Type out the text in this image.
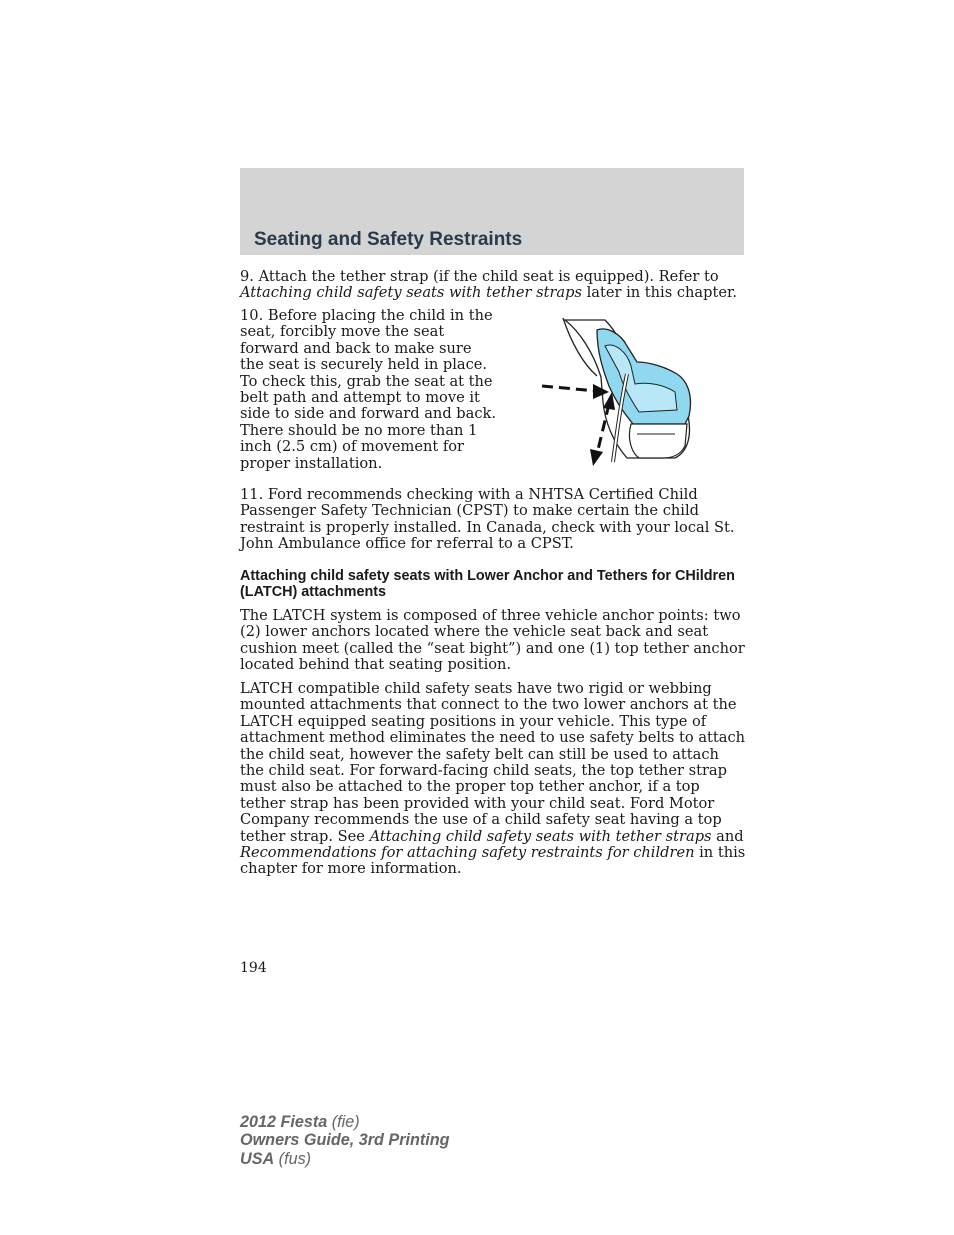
Seating and Safety Restraints

9. Attach the tether strap (if the child seat is equipped). Refer to Attaching child safety seats with tether straps later in this chapter.

10. Before placing the child in the seat, forcibly move the seat forward and back to make sure the seat is securely held in place. To check this, grab the seat at the belt path and attempt to move it side to side and forward and back. There should be no more than 1 inch (2.5 cm) of movement for proper installation.

11. Ford recommends checking with a NHTSA Certified Child Passenger Safety Technician (CPST) to make certain the child restraint is properly installed. In Canada, check with your local St. John Ambulance office for referral to a CPST.

Attaching child safety seats with Lower Anchor and Tethers for CHildren (LATCH) attachments

The LATCH system is composed of three vehicle anchor points: two (2) lower anchors located where the vehicle seat back and seat cushion meet (called the “seat bight”) and one (1) top tether anchor located behind that seating position.

LATCH compatible child safety seats have two rigid or webbing mounted attachments that connect to the two lower anchors at the LATCH equipped seating positions in your vehicle. This type of attachment method eliminates the need to use safety belts to attach the child seat, however the safety belt can still be used to attach the child seat. For forward-facing child seats, the top tether strap must also be attached to the proper top tether anchor, if a top tether strap has been provided with your child seat. Ford Motor Company recommends the use of a child safety seat having a top tether strap. See Attaching child safety seats with tether straps and Recommendations for attaching safety restraints for children in this chapter for more information.

194
2012 Fiesta (fie)
Owners Guide, 3rd Printing
USA (fus)
